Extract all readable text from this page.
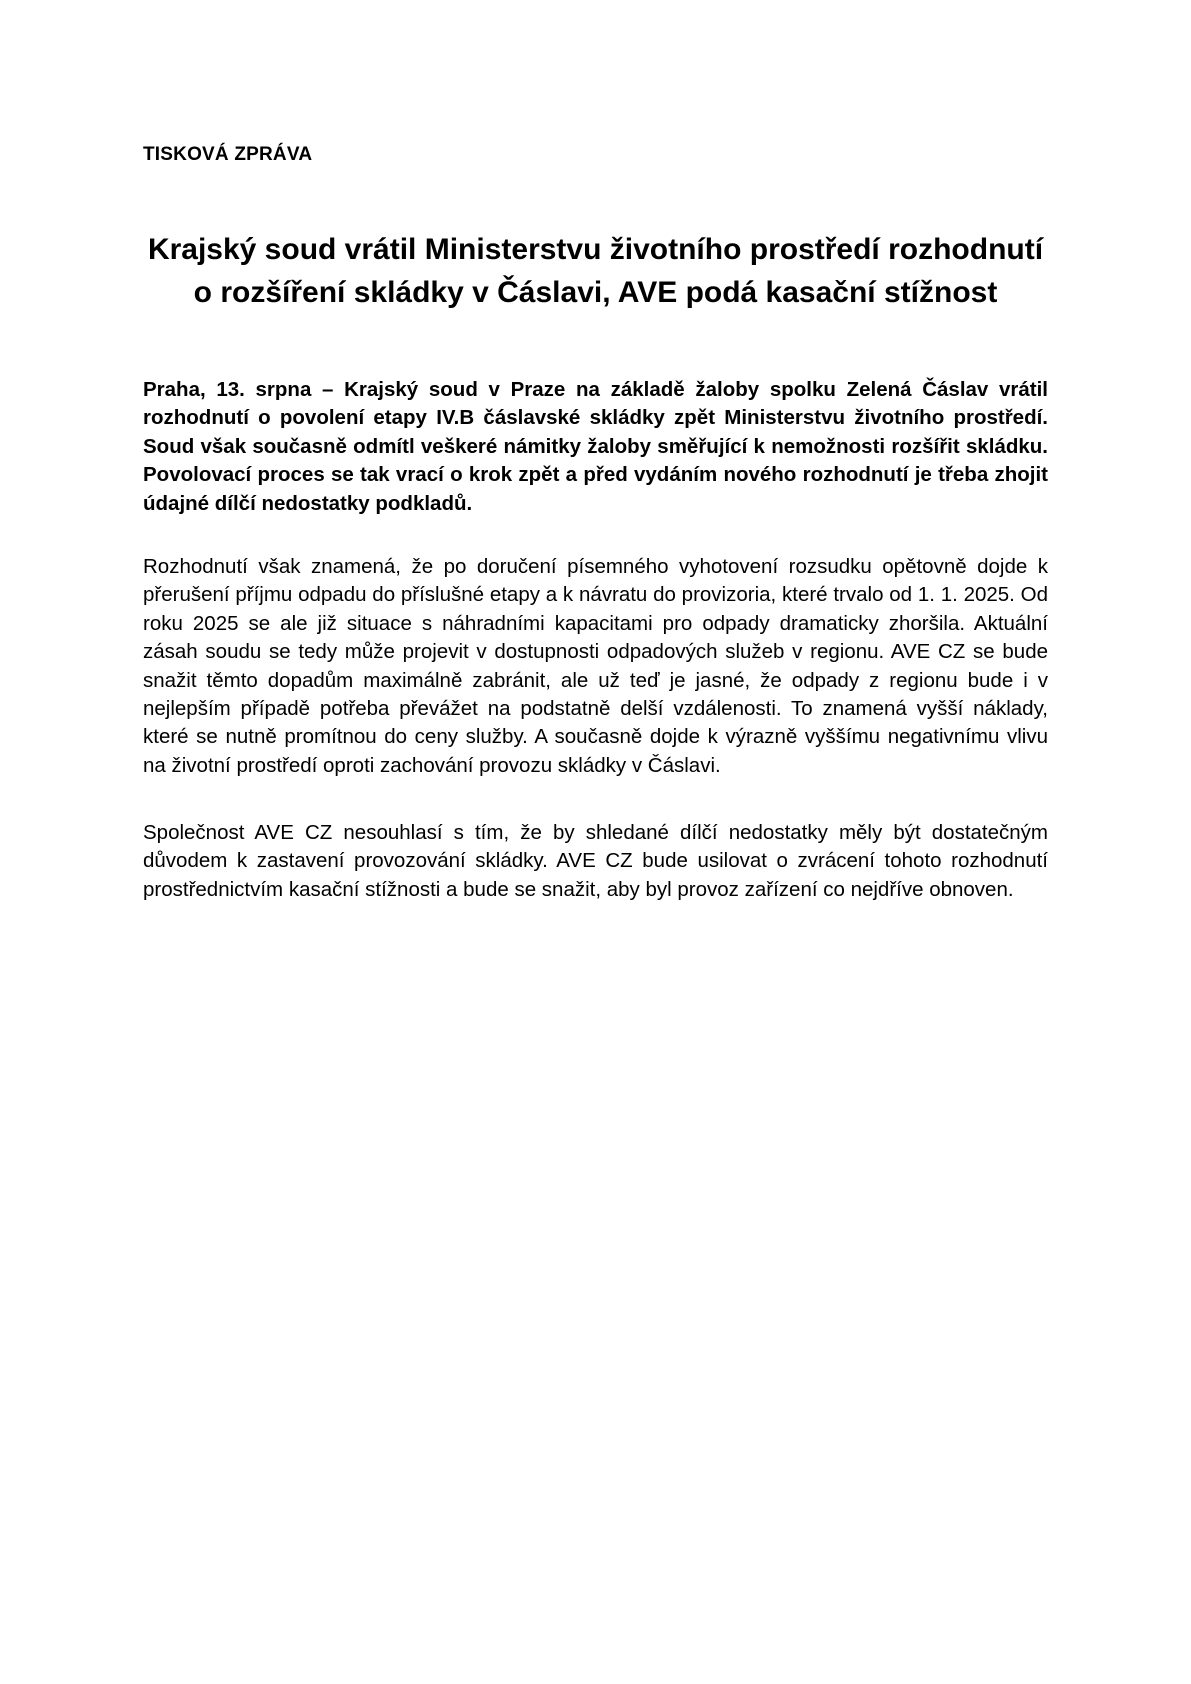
TISKOVÁ ZPRÁVA
Krajský soud vrátil Ministerstvu životního prostředí rozhodnutí
o rozšíření skládky v Čáslavi, AVE podá kasační stížnost

Praha, 13. srpna – Krajský soud v Praze na základě žaloby spolku Zelená Čáslav vrátil rozhodnutí o povolení etapy IV.B čáslavské skládky zpět Ministerstvu životního prostředí. Soud však současně odmítl veškeré námitky žaloby směřující k nemožnosti rozšířit skládku. Povolovací proces se tak vrací o krok zpět a před vydáním nového rozhodnutí je třeba zhojit údajné dílčí nedostatky podkladů.

Rozhodnutí však znamená, že po doručení písemného vyhotovení rozsudku opětovně dojde k přerušení příjmu odpadu do příslušné etapy a k návratu do provizoria, které trvalo od 1. 1. 2025. Od roku 2025 se ale již situace s náhradními kapacitami pro odpady dramaticky zhoršila. Aktuální zásah soudu se tedy může projevit v dostupnosti odpadových služeb v regionu. AVE CZ se bude snažit těmto dopadům maximálně zabránit, ale už teď je jasné, že odpady z regionu bude i v nejlepším případě potřeba převážet na podstatně delší vzdálenosti. To znamená vyšší náklady, které se nutně promítnou do ceny služby. A současně dojde k výrazně vyššímu negativnímu vlivu na životní prostředí oproti zachování provozu skládky v Čáslavi.

Společnost AVE CZ nesouhlasí s tím, že by shledané dílčí nedostatky měly být dostatečným důvodem k zastavení provozování skládky. AVE CZ bude usilovat o zvrácení tohoto rozhodnutí prostřednictvím kasační stížnosti a bude se snažit, aby byl provoz zařízení co nejdříve obnoven.
